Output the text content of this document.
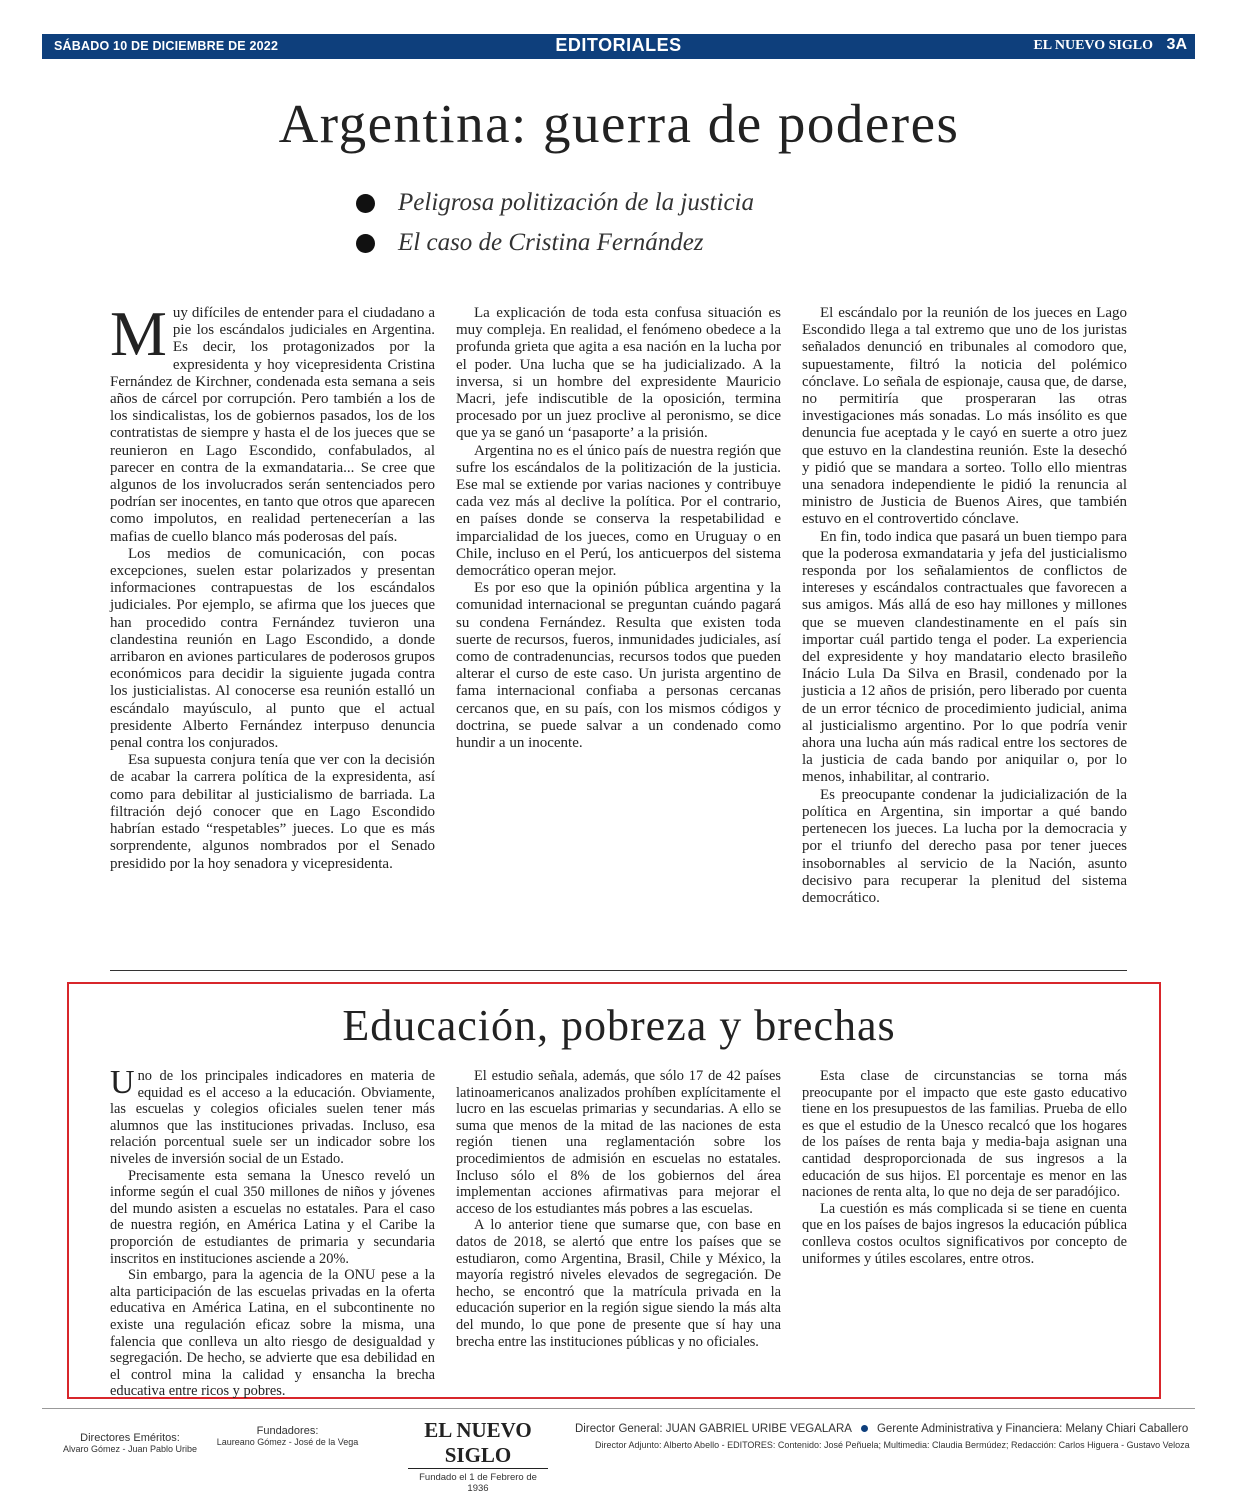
SÁBADO 10 DE DICIEMBRE DE 2022	EDITORIALES	EL NUEVO SIGLO 3A
Argentina: guerra de poderes
Peligrosa politización de la justicia
El caso de Cristina Fernández

Muy difíciles de entender para el ciudadano a pie los escándalos judiciales en Argentina. Es decir, los protagonizados por la expresidenta y hoy vicepresidenta Cristina Fernández de Kirchner, condenada esta semana a seis años de cárcel por corrupción. Pero también a los de los sindicalistas, los de gobiernos pasados, los de los contratistas de siempre y hasta el de los jueces que se reunieron en Lago Escondido, confabulados, al parecer en contra de la exmandataria... Se cree que algunos de los involucrados serán sentenciados pero podrían ser inocentes, en tanto que otros que aparecen como impolutos, en realidad pertenecerían a las mafias de cuello blanco más poderosas del país.

Los medios de comunicación, con pocas excepciones, suelen estar polarizados y presentan informaciones contrapuestas de los escándalos judiciales. Por ejemplo, se afirma que los jueces que han procedido contra Fernández tuvieron una clandestina reunión en Lago Escondido, a donde arribaron en aviones particulares de poderosos grupos económicos para decidir la siguiente jugada contra los justicialistas. Al conocerse esa reunión estalló un escándalo mayúsculo, al punto que el actual presidente Alberto Fernández interpuso denuncia penal contra los conjurados.

Esa supuesta conjura tenía que ver con la decisión de acabar la carrera política de la expresidenta, así como para debilitar al justicialismo de barriada. La filtración dejó conocer que en Lago Escondido habrían estado “respetables” jueces. Lo que es más sorprendente, algunos nombrados por el Senado presidido por la hoy senadora y vicepresidenta.

La explicación de toda esta confusa situación es muy compleja. En realidad, el fenómeno obedece a la profunda grieta que agita a esa nación en la lucha por el poder. Una lucha que se ha judicializado. A la inversa, si un hombre del expresidente Mauricio Macri, jefe indiscutible de la oposición, termina procesado por un juez proclive al peronismo, se dice que ya se ganó un ‘pasaporte’ a la prisión.

Argentina no es el único país de nuestra región que sufre los escándalos de la politización de la justicia. Ese mal se extiende por varias naciones y contribuye cada vez más al declive la política. Por el contrario, en países donde se conserva la respetabilidad e imparcialidad de los jueces, como en Uruguay o en Chile, incluso en el Perú, los anticuerpos del sistema democrático operan mejor.

Es por eso que la opinión pública argentina y la comunidad internacional se preguntan cuándo pagará su condena Fernández. Resulta que existen toda suerte de recursos, fueros, inmunidades judiciales, así como de contradenuncias, recursos todos que pueden alterar el curso de este caso. Un jurista argentino de fama internacional confiaba a personas cercanas cercanos que, en su país, con los mismos códigos y doctrina, se puede salvar a un condenado como hundir a un inocente.

El escándalo por la reunión de los jueces en Lago Escondido llega a tal extremo que uno de los juristas señalados denunció en tribunales al comodoro que, supuestamente, filtró la noticia del polémico cónclave. Lo señala de espionaje, causa que, de darse, no permitiría que prosperaran las otras investigaciones más sonadas. Lo más insólito es que denuncia fue aceptada y le cayó en suerte a otro juez que estuvo en la clandestina reunión. Este la desechó y pidió que se mandara a sorteo. Tollo ello mientras una senadora independiente le pidió la renuncia al ministro de Justicia de Buenos Aires, que también estuvo en el controvertido cónclave.

En fin, todo indica que pasará un buen tiempo para que la poderosa exmandataria y jefa del justicialismo responda por los señalamientos de conflictos de intereses y escándalos contractuales que favorecen a sus amigos. Más allá de eso hay millones y millones que se mueven clandestinamente en el país sin importar cuál partido tenga el poder. La experiencia del expresidente y hoy mandatario electo brasileño Inácio Lula Da Silva en Brasil, condenado por la justicia a 12 años de prisión, pero liberado por cuenta de un error técnico de procedimiento judicial, anima al justicialismo argentino. Por lo que podría venir ahora una lucha aún más radical entre los sectores de la justicia de cada bando por aniquilar o, por lo menos, inhabilitar, al contrario.

Es preocupante condenar la judicialización de la política en Argentina, sin importar a qué bando pertenecen los jueces. La lucha por la democracia y por el triunfo del derecho pasa por tener jueces insobornables al servicio de la Nación, asunto decisivo para recuperar la plenitud del sistema democrático.

Educación, pobreza y brechas

Uno de los principales indicadores en materia de equidad es el acceso a la educación. Obviamente, las escuelas y colegios oficiales suelen tener más alumnos que las instituciones privadas. Incluso, esa relación porcentual suele ser un indicador sobre los niveles de inversión social de un Estado.

Precisamente esta semana la Unesco reveló un informe según el cual 350 millones de niños y jóvenes del mundo asisten a escuelas no estatales. Para el caso de nuestra región, en América Latina y el Caribe la proporción de estudiantes de primaria y secundaria inscritos en instituciones asciende a 20%.

Sin embargo, para la agencia de la ONU pese a la alta participación de las escuelas privadas en la oferta educativa en América Latina, en el subcontinente no existe una regulación eficaz sobre la misma, una falencia que conlleva un alto riesgo de desigualdad y segregación. De hecho, se advierte que esa debilidad en el control mina la calidad y ensancha la brecha educativa entre ricos y pobres.

El estudio señala, además, que sólo 17 de 42 países latinoamericanos analizados prohíben explícitamente el lucro en las escuelas primarias y secundarias. A ello se suma que menos de la mitad de las naciones de esta región tienen una reglamentación sobre los procedimientos de admisión en escuelas no estatales. Incluso sólo el 8% de los gobiernos del área implementan acciones afirmativas para mejorar el acceso de los estudiantes más pobres a las escuelas.

A lo anterior tiene que sumarse que, con base en datos de 2018, se alertó que entre los países que se estudiaron, como Argentina, Brasil, Chile y México, la mayoría registró niveles elevados de segregación. De hecho, se encontró que la matrícula privada en la educación superior en la región sigue siendo la más alta del mundo, lo que pone de presente que sí hay una brecha entre las instituciones públicas y no oficiales.

Esta clase de circunstancias se torna más preocupante por el impacto que este gasto educativo tiene en los presupuestos de las familias. Prueba de ello es que el estudio de la Unesco recalcó que los hogares de los países de renta baja y media-baja asignan una cantidad desproporcionada de sus ingresos a la educación de sus hijos. El porcentaje es menor en las naciones de renta alta, lo que no deja de ser paradójico.

La cuestión es más complicada si se tiene en cuenta que en los países de bajos ingresos la educación pública conlleva costos ocultos significativos por concepto de uniformes y útiles escolares, entre otros.

Directores Eméritos:
Alvaro Gómez - Juan Pablo Uribe
Fundadores:
Laureano Gómez - José de la Vega	EL NUEVO SIGLO
Fundado el 1 de Febrero de 1936
Director General: JUAN GABRIEL URIBE VEGALARA Gerente Administrativa y Financiera: Melany Chiari Caballero
Director Adjunto: Alberto Abello - EDITORES: Contenido: José Peñuela; Multimedia: Claudia Bermúdez; Redacción: Carlos Higuera - Gustavo Veloza
